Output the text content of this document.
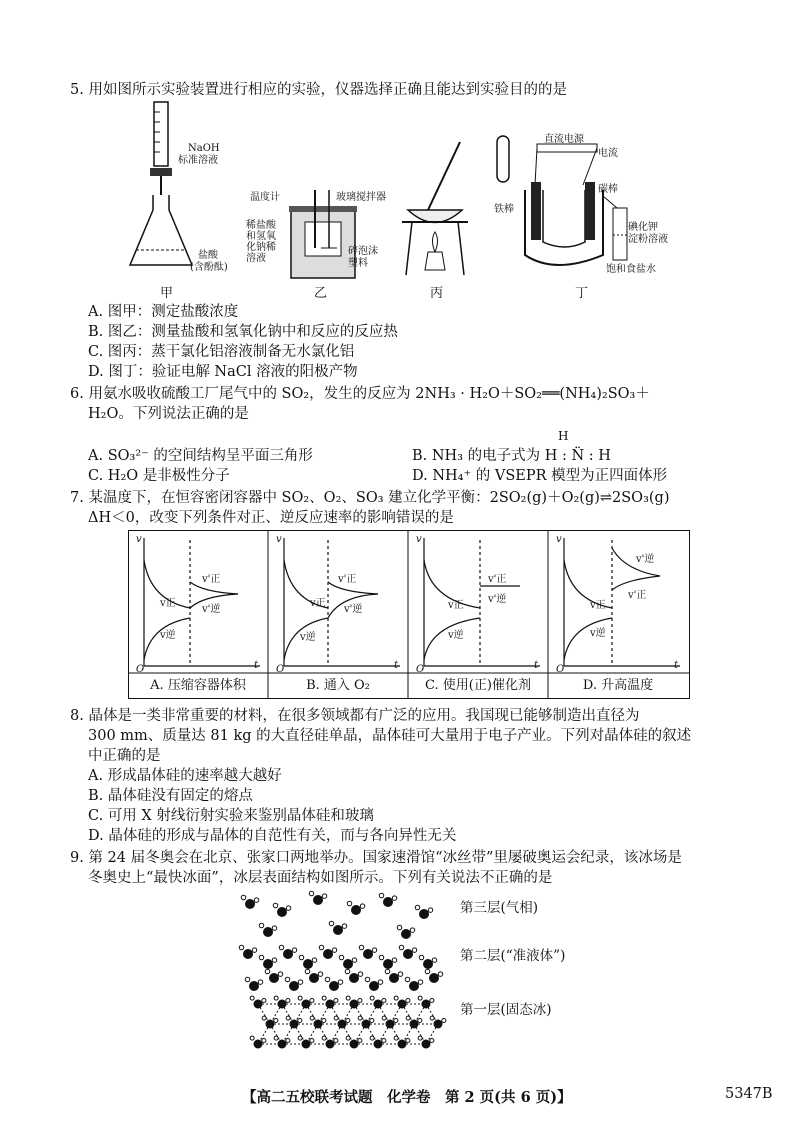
5. 用如图所示实验装置进行相应的实验，仪器选择正确且能达到实验目的的是
NaOH
标准溶液
盐酸
(含酚酞)
甲
温度计	玻璃搅拌器
稀盐酸
和氢氧
化钠稀
溶液
碎泡沫
塑料
乙	丙
直流电源
电流
碳棒
铁棒
碘化钾
淀粉溶液
饱和食盐水
丁
A. 图甲：测定盐酸浓度
B. 图乙：测量盐酸和氢氧化钠中和反应的反应热
C. 图丙：蒸干氯化铝溶液制备无水氯化铝
D. 图丁：验证电解 NaCl 溶液的阳极产物
6. 用氨水吸收硫酸工厂尾气中的 SO₂，发生的反应为 2NH₃ · H₂O＋SO₂══(NH₄)₂SO₃＋
H₂O。下列说法正确的是
A. SO₃²⁻ 的空间结构呈平面三角形
H
B. NH₃ 的电子式为 H : N̈ : H
C. H₂O 是非极性分子	D. NH₄⁺ 的 VSEPR 模型为正四面体形
7. 某温度下，在恒容密闭容器中 SO₂、O₂、SO₃ 建立化学平衡：2SO₂(g)＋O₂(g)⇌2SO₃(g)
ΔH＜0，改变下列条件对正、逆反应速率的影响错误的是
v
t
O
v'正
v'逆
v正
v逆
v
t
O
v'正
v'逆
v正
v逆
v
t
O
v'正
v'逆
v正
v逆
v
t
O
v'逆
v'正
v正
v逆
A. 压缩容器体积	B. 通入 O₂	C. 使用(正)催化剂	D. 升高温度
8. 晶体是一类非常重要的材料，在很多领域都有广泛的应用。我国现已能够制造出直径为
300 mm、质量达 81 kg 的大直径硅单晶，晶体硅可大量用于电子产业。下列对晶体硅的叙述
中正确的是
A. 形成晶体硅的速率越大越好
B. 晶体硅没有固定的熔点
C. 可用 X 射线衍射实验来鉴别晶体硅和玻璃
D. 晶体硅的形成与晶体的自范性有关，而与各向异性无关
9. 第 24 届冬奥会在北京、张家口两地举办。国家速滑馆“冰丝带”里屡破奥运会纪录，该冰场是
冬奥史上“最快冰面”，冰层表面结构如图所示。下列有关说法不正确的是
第三层(气相)
第二层(“准液体”)
第一层(固态冰)
【高二五校联考试题　化学卷　第 2 页(共 6 页)】	5347B
